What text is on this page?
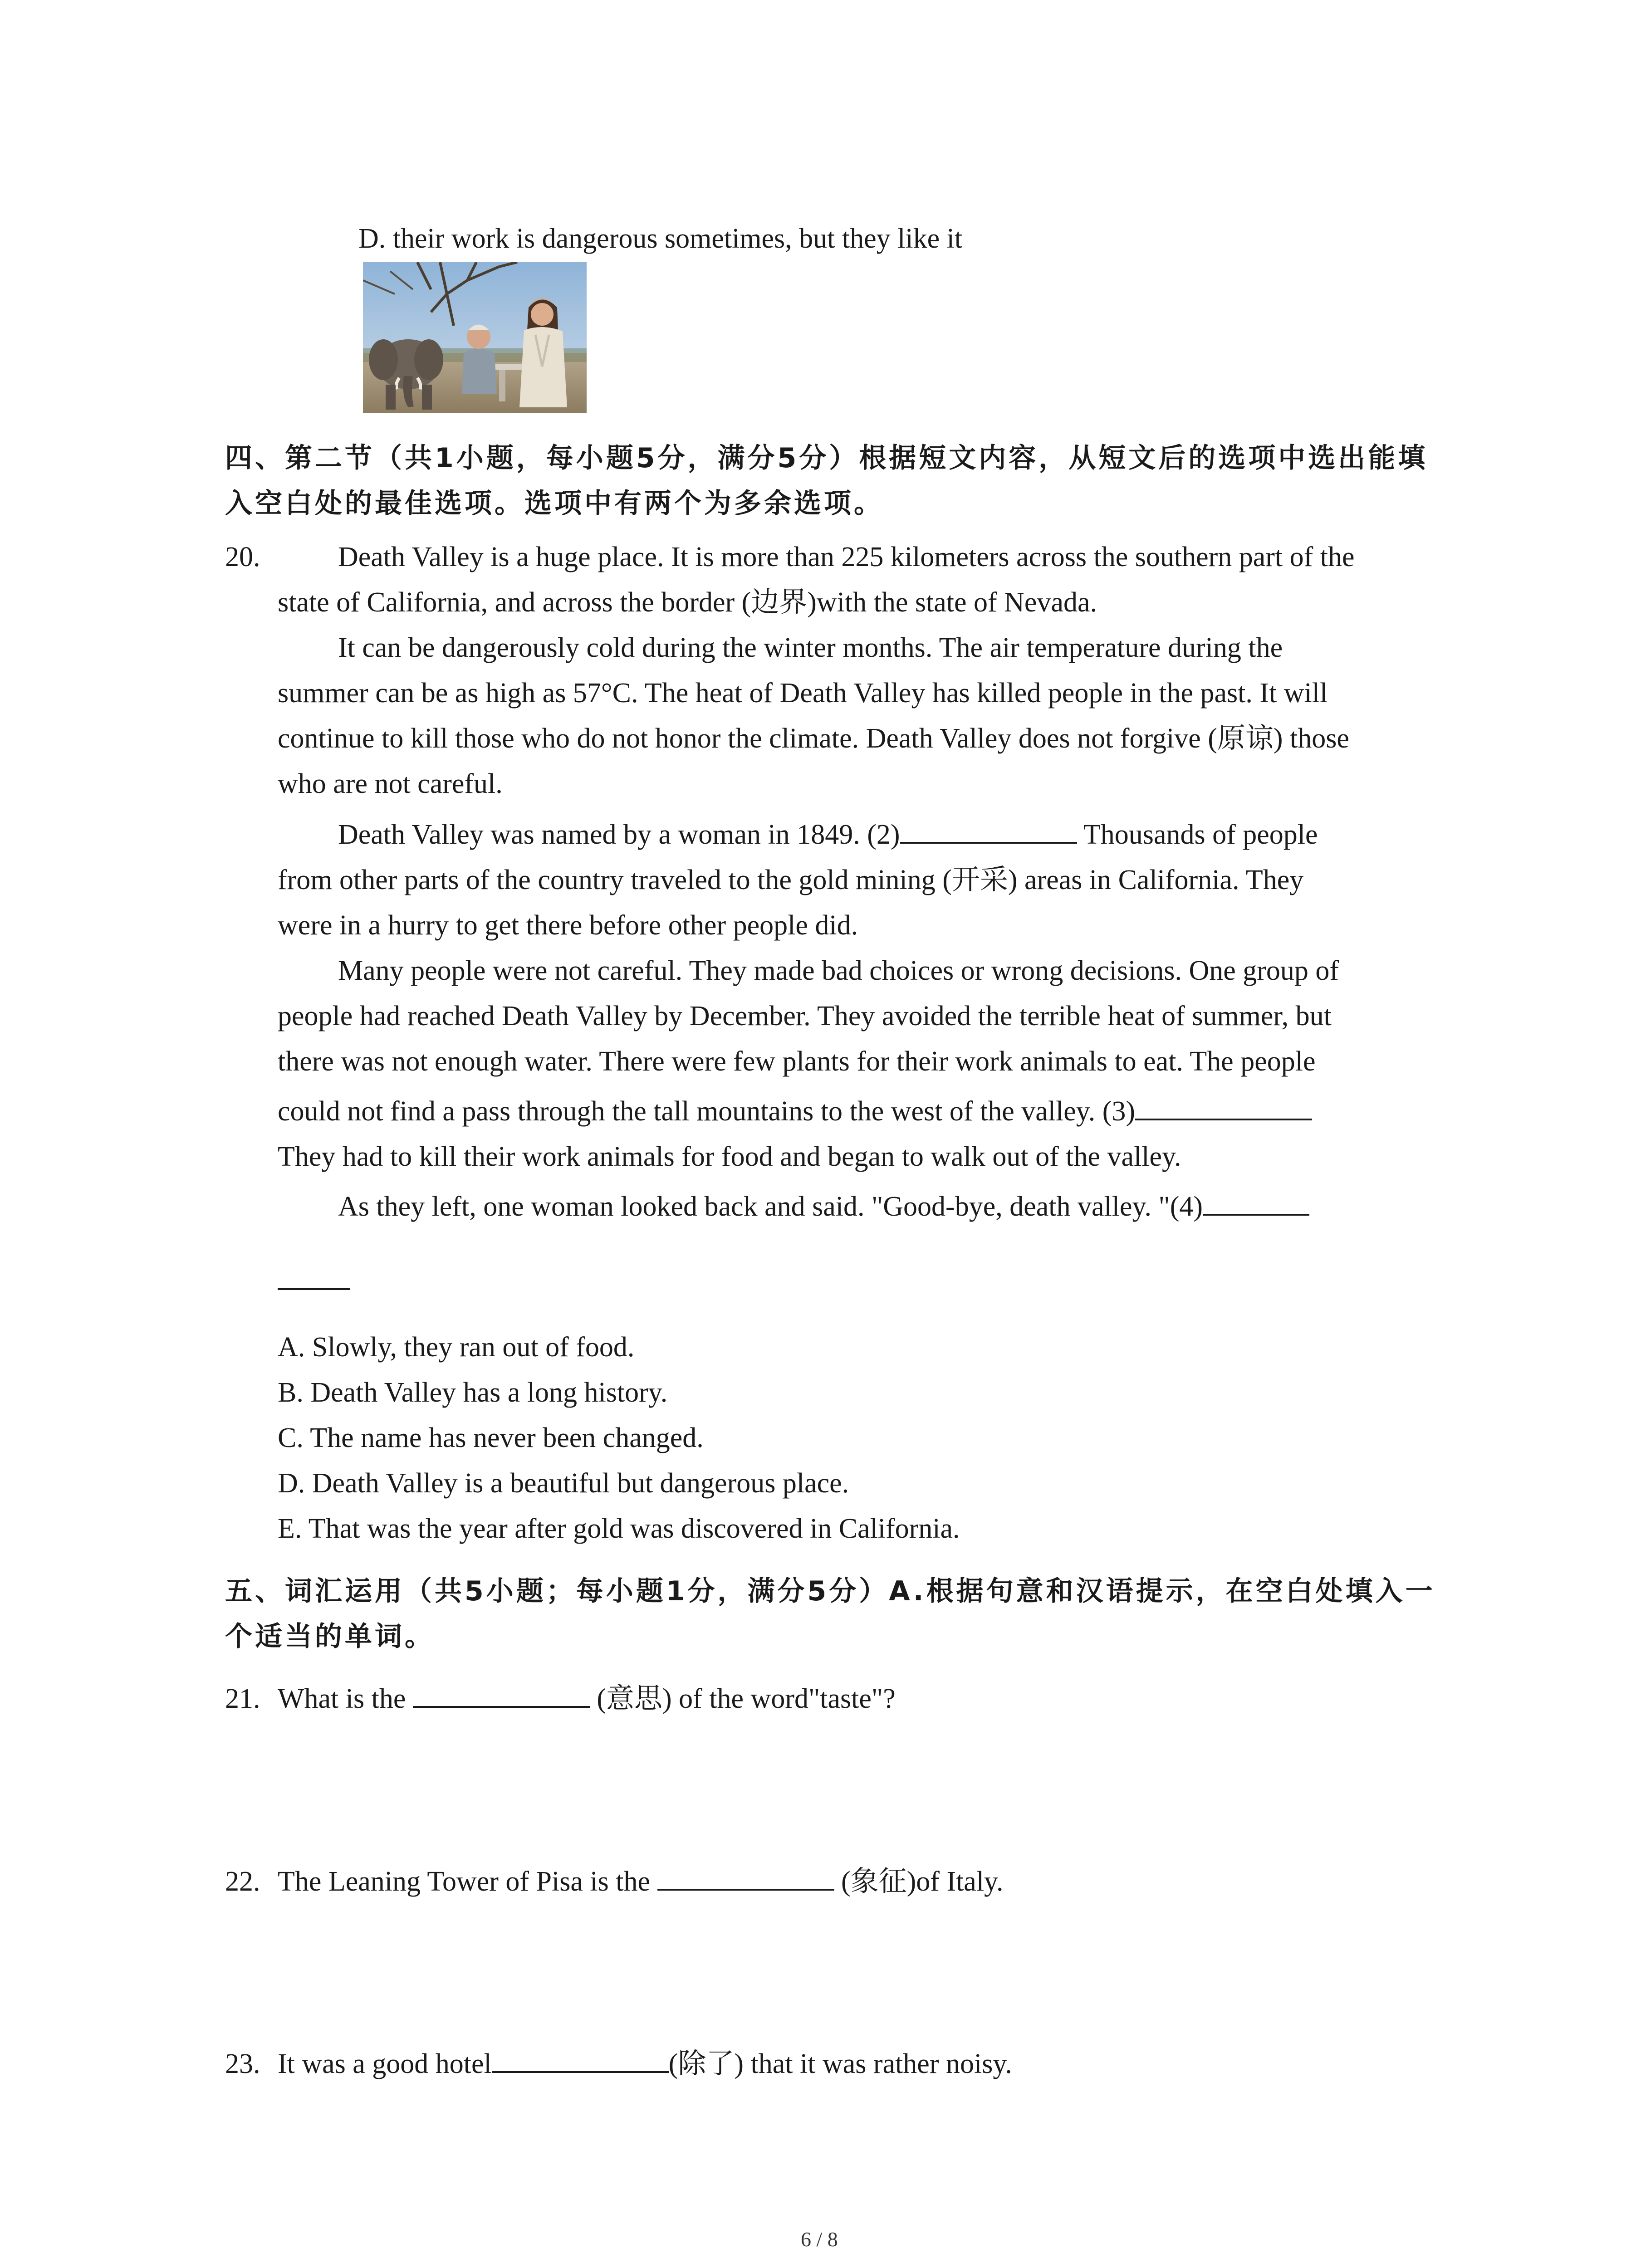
D. their work is dangerous sometimes, but they like it
四、第二节（共1小题，每小题5分，满分5分）根据短文内容，从短文后的选项中选出能填
入空白处的最佳选项。选项中有两个为多余选项。
20.	Death Valley is a huge place. It is more than 225 kilometers across the southern part of the
state of California, and across the border (边界)with the state of Nevada.
It can be dangerously cold during the winter months. The air temperature during the
summer can be as high as 57°C. The heat of Death Valley has killed people in the past. It will
continue to kill those who do not honor the climate. Death Valley does not forgive (原谅) those
who are not careful.
Death Valley was named by a woman in 1849. (2)	Thousands of people
from other parts of the country traveled to the gold mining (开采) areas in California. They
were in a hurry to get there before other people did.
Many people were not careful. They made bad choices or wrong decisions. One group of
people had reached Death Valley by December. They avoided the terrible heat of summer, but
there was not enough water. There were few plants for their work animals to eat. The people
could not find a pass through the tall mountains to the west of the valley. (3)
They had to kill their work animals for food and began to walk out of the valley.
As they left, one woman looked back and said. "Good-bye, death valley. "(4)
A. Slowly, they ran out of food.
B. Death Valley has a long history.
C. The name has never been changed.
D. Death Valley is a beautiful but dangerous place.
E. That was the year after gold was discovered in California.
五、词汇运用（共5小题；每小题1分，满分5分）A.根据句意和汉语提示，在空白处填入一
个适当的单词。
21. What is the	(意思) of the word"taste"?
22. The Leaning Tower of Pisa is the	(象征)of Italy.
23. It was a good hotel	(除了) that it was rather noisy.
6 / 8
